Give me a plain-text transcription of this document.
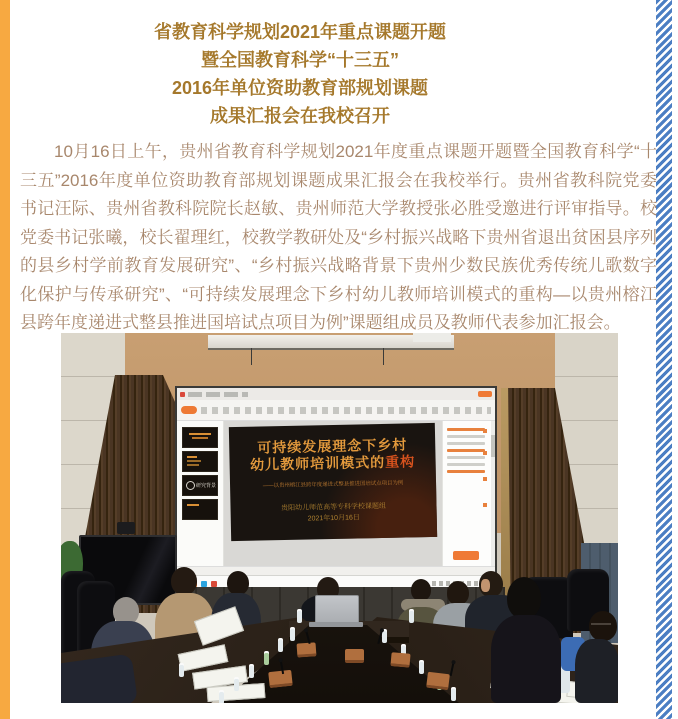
省教育科学规划2021年重点课题开题
暨全国教育科学“十三五”
2016年单位资助教育部规划课题
成果汇报会在我校召开
10月16日上午，贵州省教育科学规划2021年度重点课题开题暨全国教育科学“十三五”2016年度单位资助教育部规划课题成果汇报会在我校举行。贵州省教科院党委书记汪际、贵州省教科院院长赵敏、贵州师范大学教授张必胜受邀进行评审指导。校党委书记张曦，校长翟理红，校教学教研处及“乡村振兴战略下贵州省退出贫困县序列的县乡村学前教育发展研究”、“乡村振兴战略背景下贵州少数民族优秀传统儿歌数字化保护与传承研究”、“可持续发展理念下乡村幼儿教师培训模式的重构—以贵州榕江县跨年度递进式整县推进国培试点项目为例”课题组成员及教师代表参加汇报会。
研究背景
可持续发展理念下乡村
幼儿教师培训模式的重构
——以贵州榕江县跨年度递进式整县推进国培试点项目为例
贵阳幼儿师范高等专科学校课题组
2021年10月16日
